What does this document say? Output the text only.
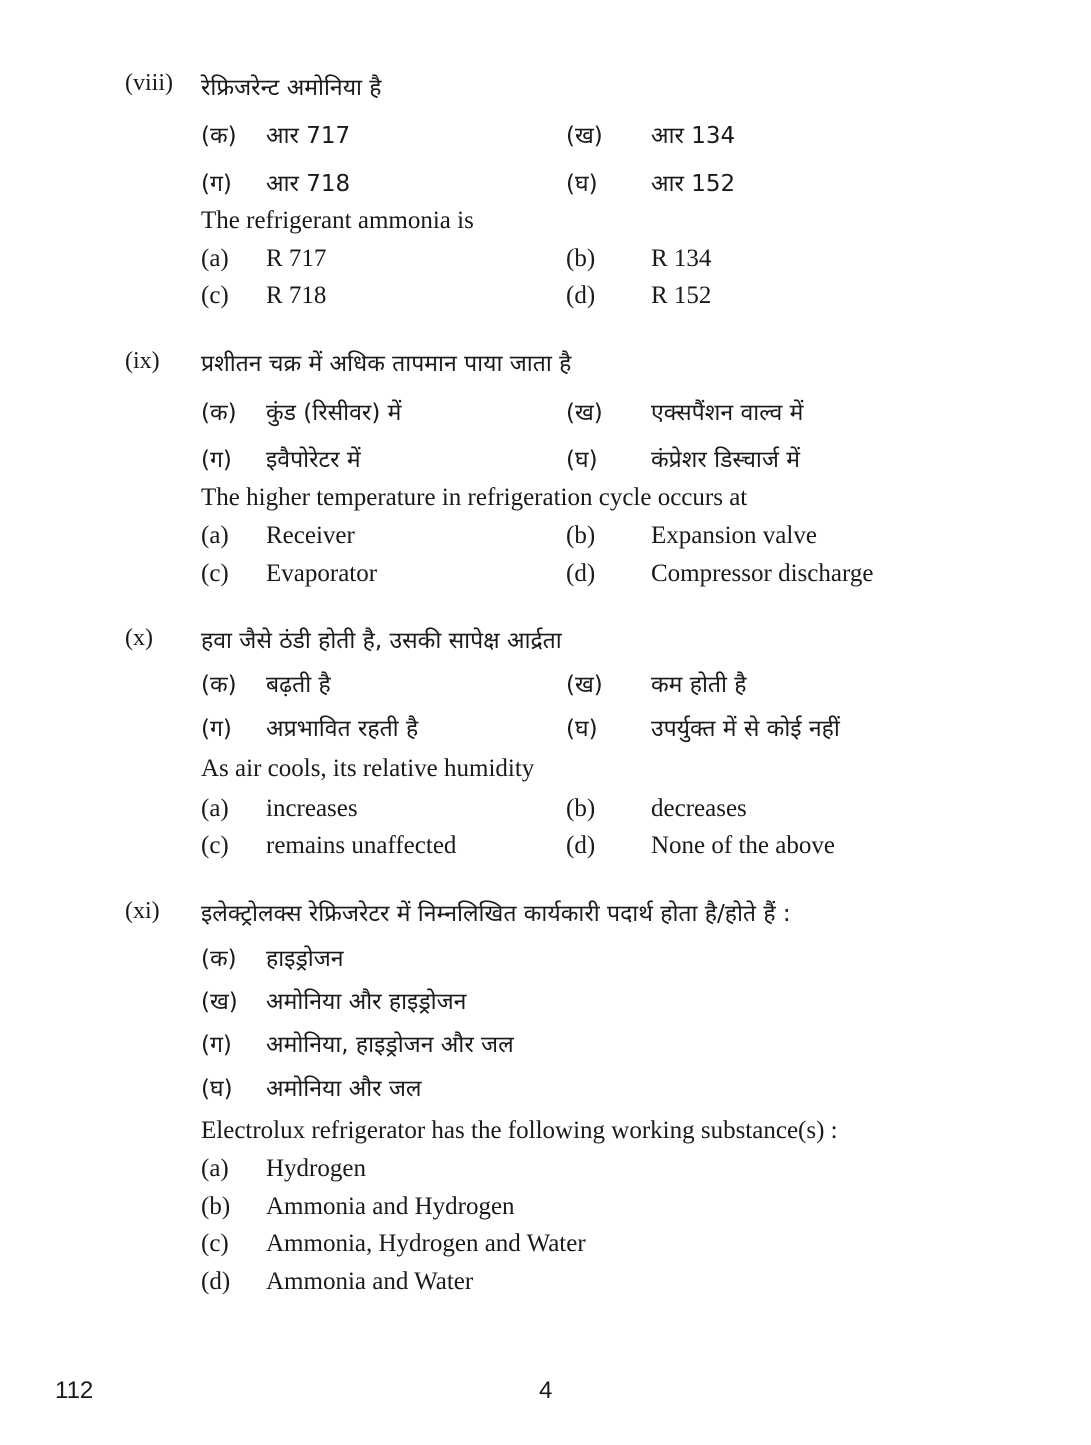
(viii) रेफ्रिजरेन्ट अमोनिया है
(क) आर 717	(ख) आर 134
(ग) आर 718	(घ) आर 152
The refrigerant ammonia is
(a) R 717	(b) R 134
(c) R 718	(d) R 152
(ix) प्रशीतन चक्र में अधिक तापमान पाया जाता है
(क) कुंड (रिसीवर) में	(ख) एक्सपैंशन वाल्व में
(ग) इवैपोरेटर में	(घ) कंप्रेशर डिस्चार्ज में
The higher temperature in refrigeration cycle occurs at
(a) Receiver	(b) Expansion valve
(c) Evaporator	(d) Compressor discharge
(x) हवा जैसे ठंडी होती है, उसकी सापेक्ष आर्द्रता
(क) बढ़ती है	(ख) कम होती है
(ग) अप्रभावित रहती है	(घ) उपर्युक्त में से कोई नहीं
As air cools, its relative humidity
(a) increases	(b) decreases
(c) remains unaffected	(d) None of the above
(xi) इलेक्ट्रोलक्स रेफ्रिजरेटर में निम्नलिखित कार्यकारी पदार्थ होता है/होते हैं :
(क) हाइड्रोजन
(ख) अमोनिया और हाइड्रोजन
(ग) अमोनिया, हाइड्रोजन और जल
(घ) अमोनिया और जल
Electrolux refrigerator has the following working substance(s) :
(a) Hydrogen
(b) Ammonia and Hydrogen
(c) Ammonia, Hydrogen and Water
(d) Ammonia and Water
112	4
